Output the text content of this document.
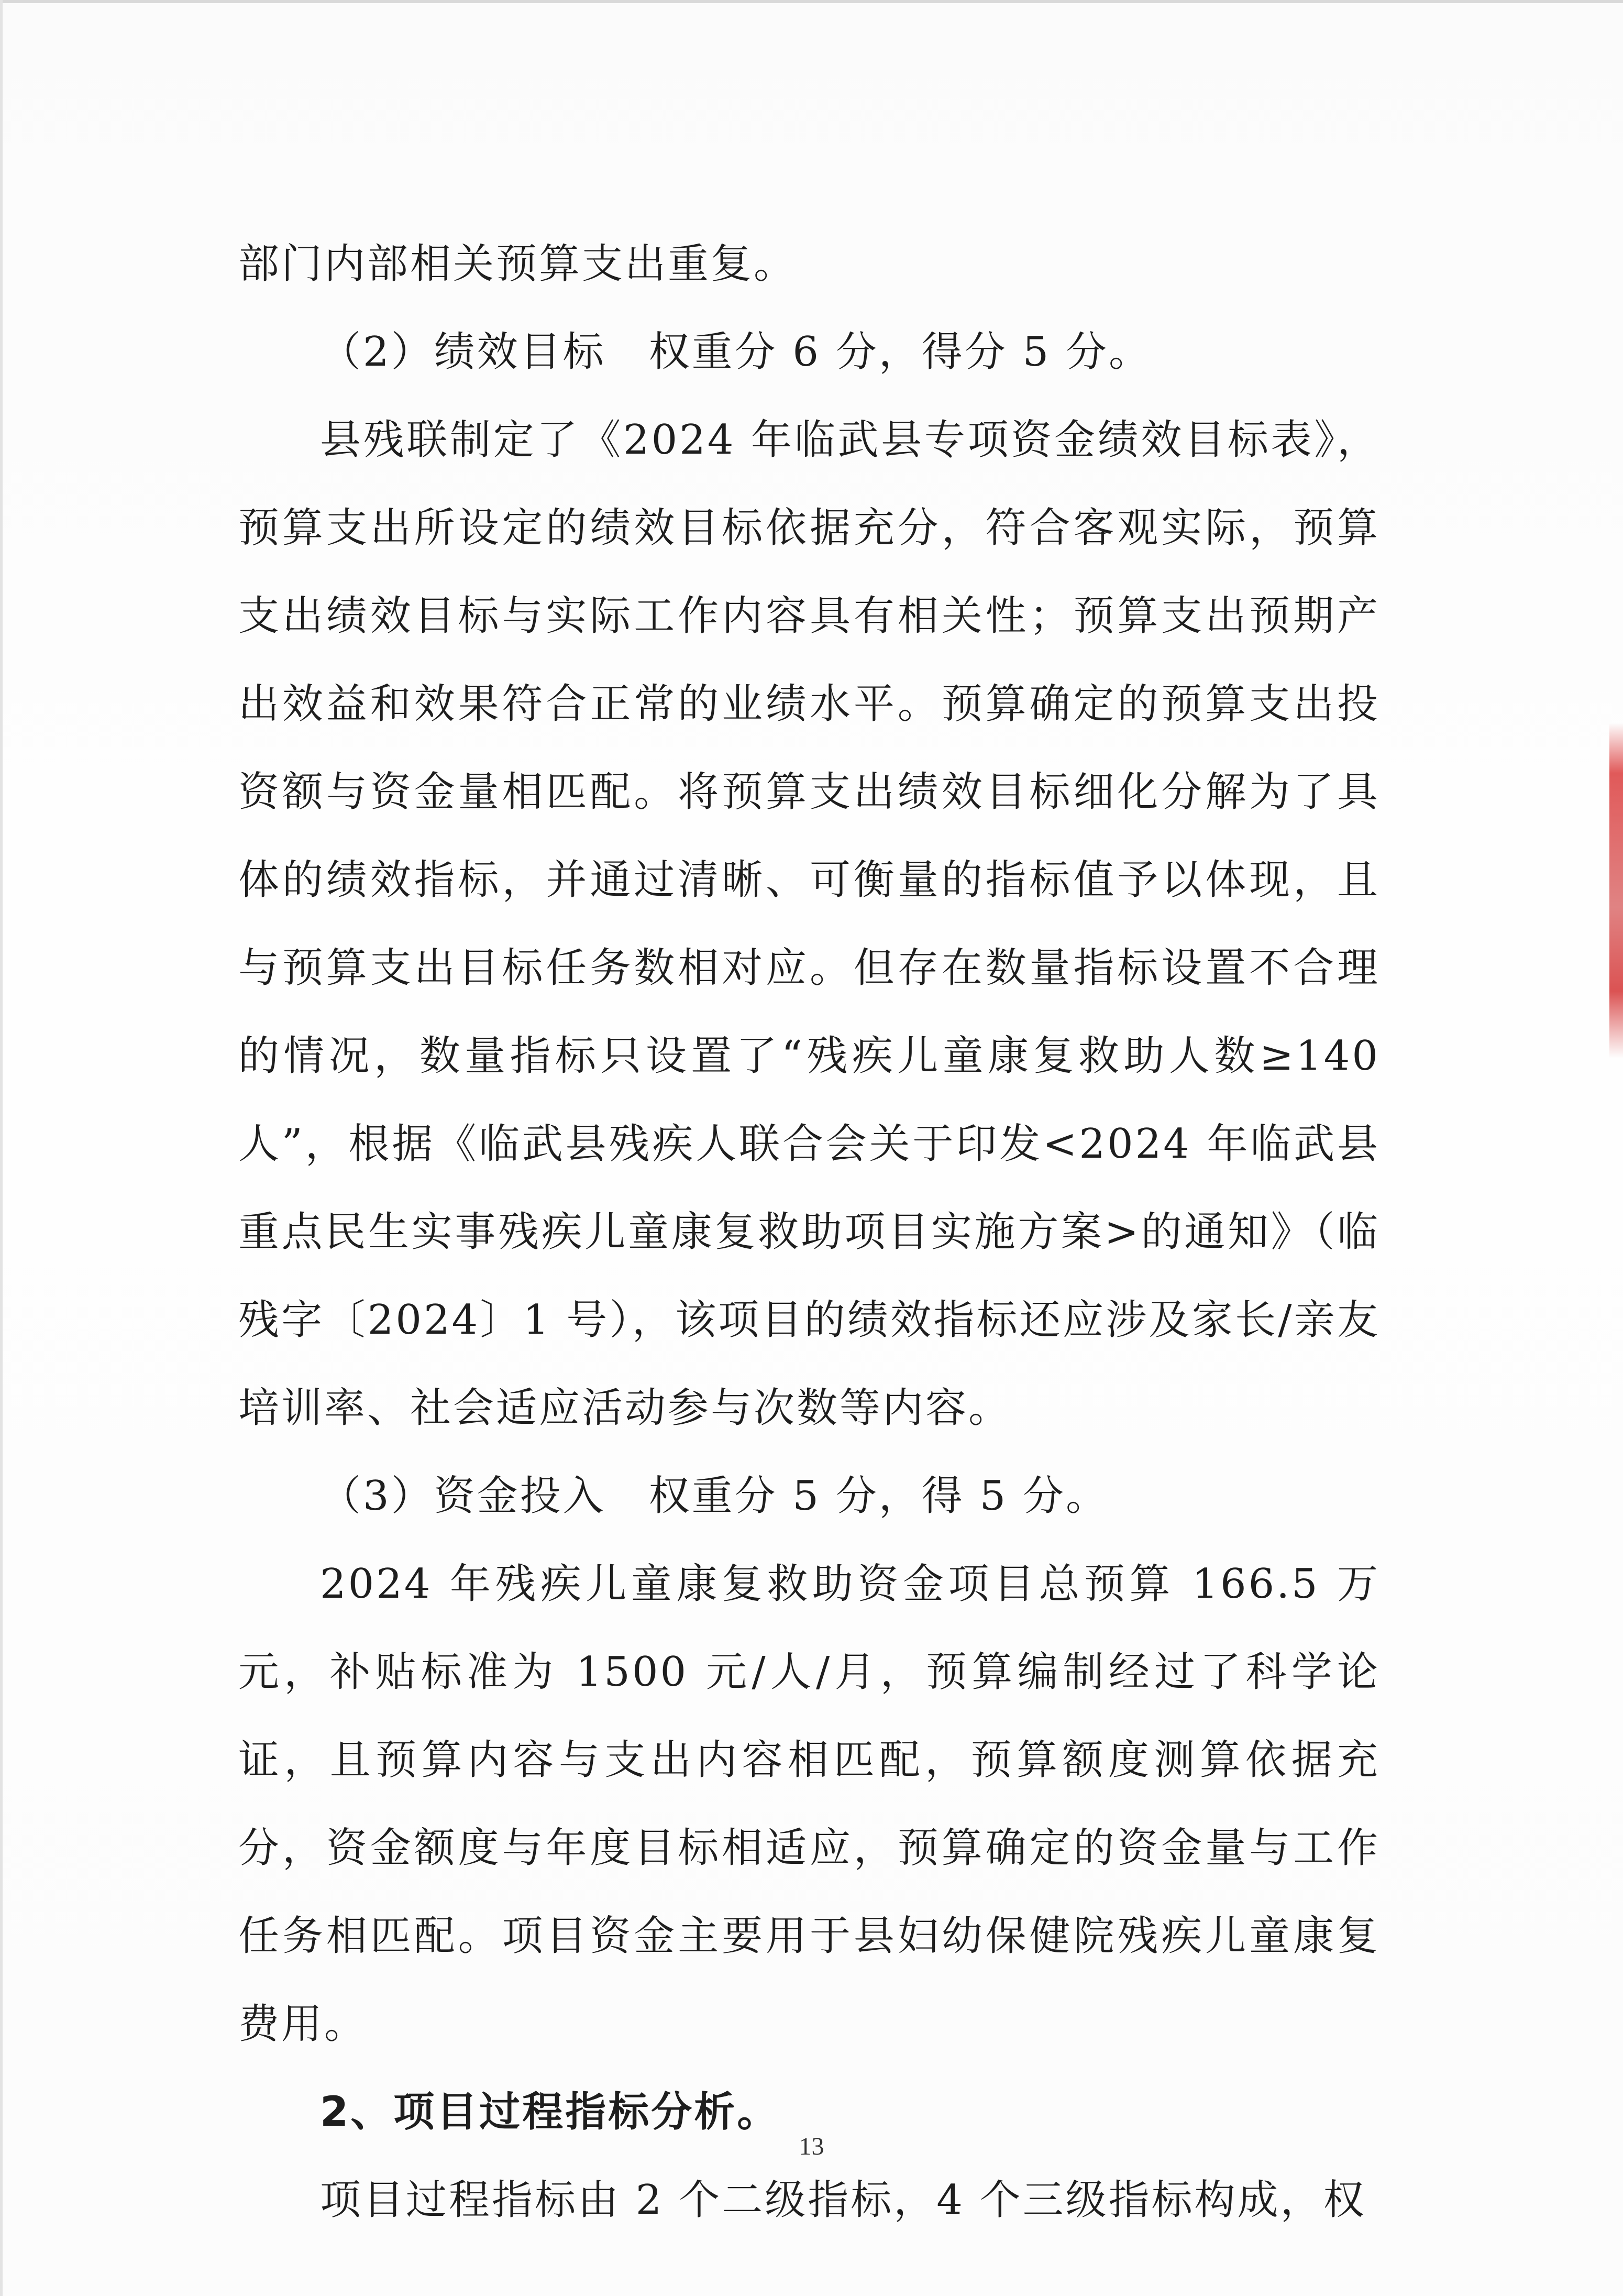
部门内部相关预算支出重复。

（2）绩效目标　权重分 6 分，得分 5 分。

县残联制定了《2024 年临武县专项资金绩效目标表》，预算支出所设定的绩效目标依据充分，符合客观实际，预算支出绩效目标与实际工作内容具有相关性；预算支出预期产出效益和效果符合正常的业绩水平。预算确定的预算支出投资额与资金量相匹配。将预算支出绩效目标细化分解为了具体的绩效指标，并通过清晰、可衡量的指标值予以体现，且与预算支出目标任务数相对应。但存在数量指标设置不合理的情况，数量指标只设置了“残疾儿童康复救助人数≥140 人”，根据《临武县残疾人联合会关于印发<2024 年临武县重点民生实事残疾儿童康复救助项目实施方案>的通知》（临残字〔2024〕1 号），该项目的绩效指标还应涉及家长/亲友培训率、社会适应活动参与次数等内容。

（3）资金投入　权重分 5 分，得 5 分。

2024 年残疾儿童康复救助资金项目总预算 166.5 万元，补贴标准为 1500 元/人/月，预算编制经过了科学论证，且预算内容与支出内容相匹配，预算额度测算依据充分，资金额度与年度目标相适应，预算确定的资金量与工作任务相匹配。项目资金主要用于县妇幼保健院残疾儿童康复费用。

2、项目过程指标分析。

项目过程指标由 2 个二级指标，4 个三级指标构成，权

13
